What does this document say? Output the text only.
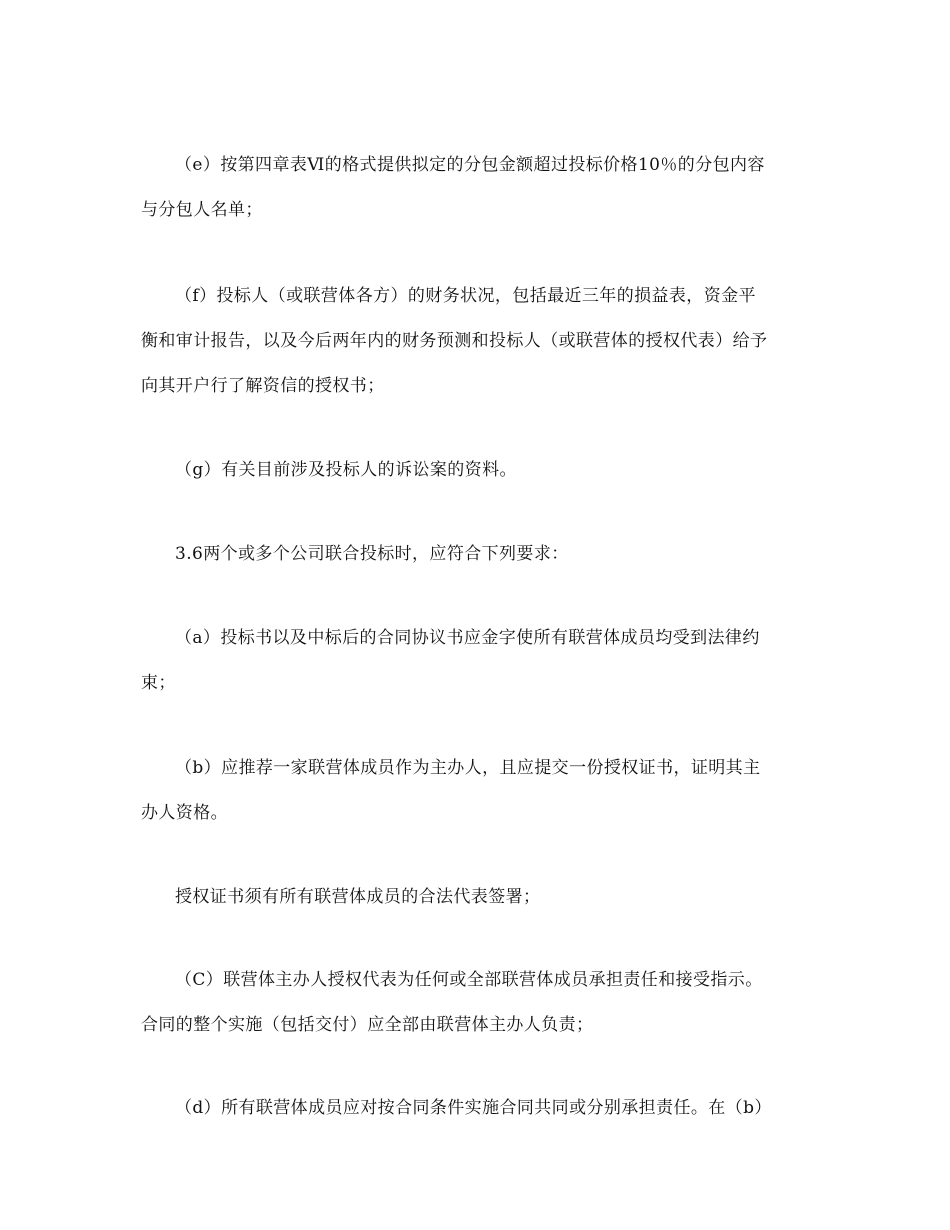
（e）按第四章表Ⅵ的格式提供拟定的分包金额超过投标价格10％的分包内容
与分包人名单；
（f）投标人（或联营体各方）的财务状况，包括最近三年的损益表，资金平
衡和审计报告，以及今后两年内的财务预测和投标人（或联营体的授权代表）给予
向其开户行了解资信的授权书；
（g）有关目前涉及投标人的诉讼案的资料。
3.6两个或多个公司联合投标时，应符合下列要求：
（a）投标书以及中标后的合同协议书应金字使所有联营体成员均受到法律约
束；
（b）应推荐一家联营体成员作为主办人，且应提交一份授权证书，证明其主
办人资格。
授权证书须有所有联营体成员的合法代表签署；
（C）联营体主办人授权代表为任何或全部联营体成员承担责任和接受指示。
合同的整个实施（包括交付）应全部由联营体主办人负责；
（d）所有联营体成员应对按合同条件实施合同共同或分别承担责任。在（b）
